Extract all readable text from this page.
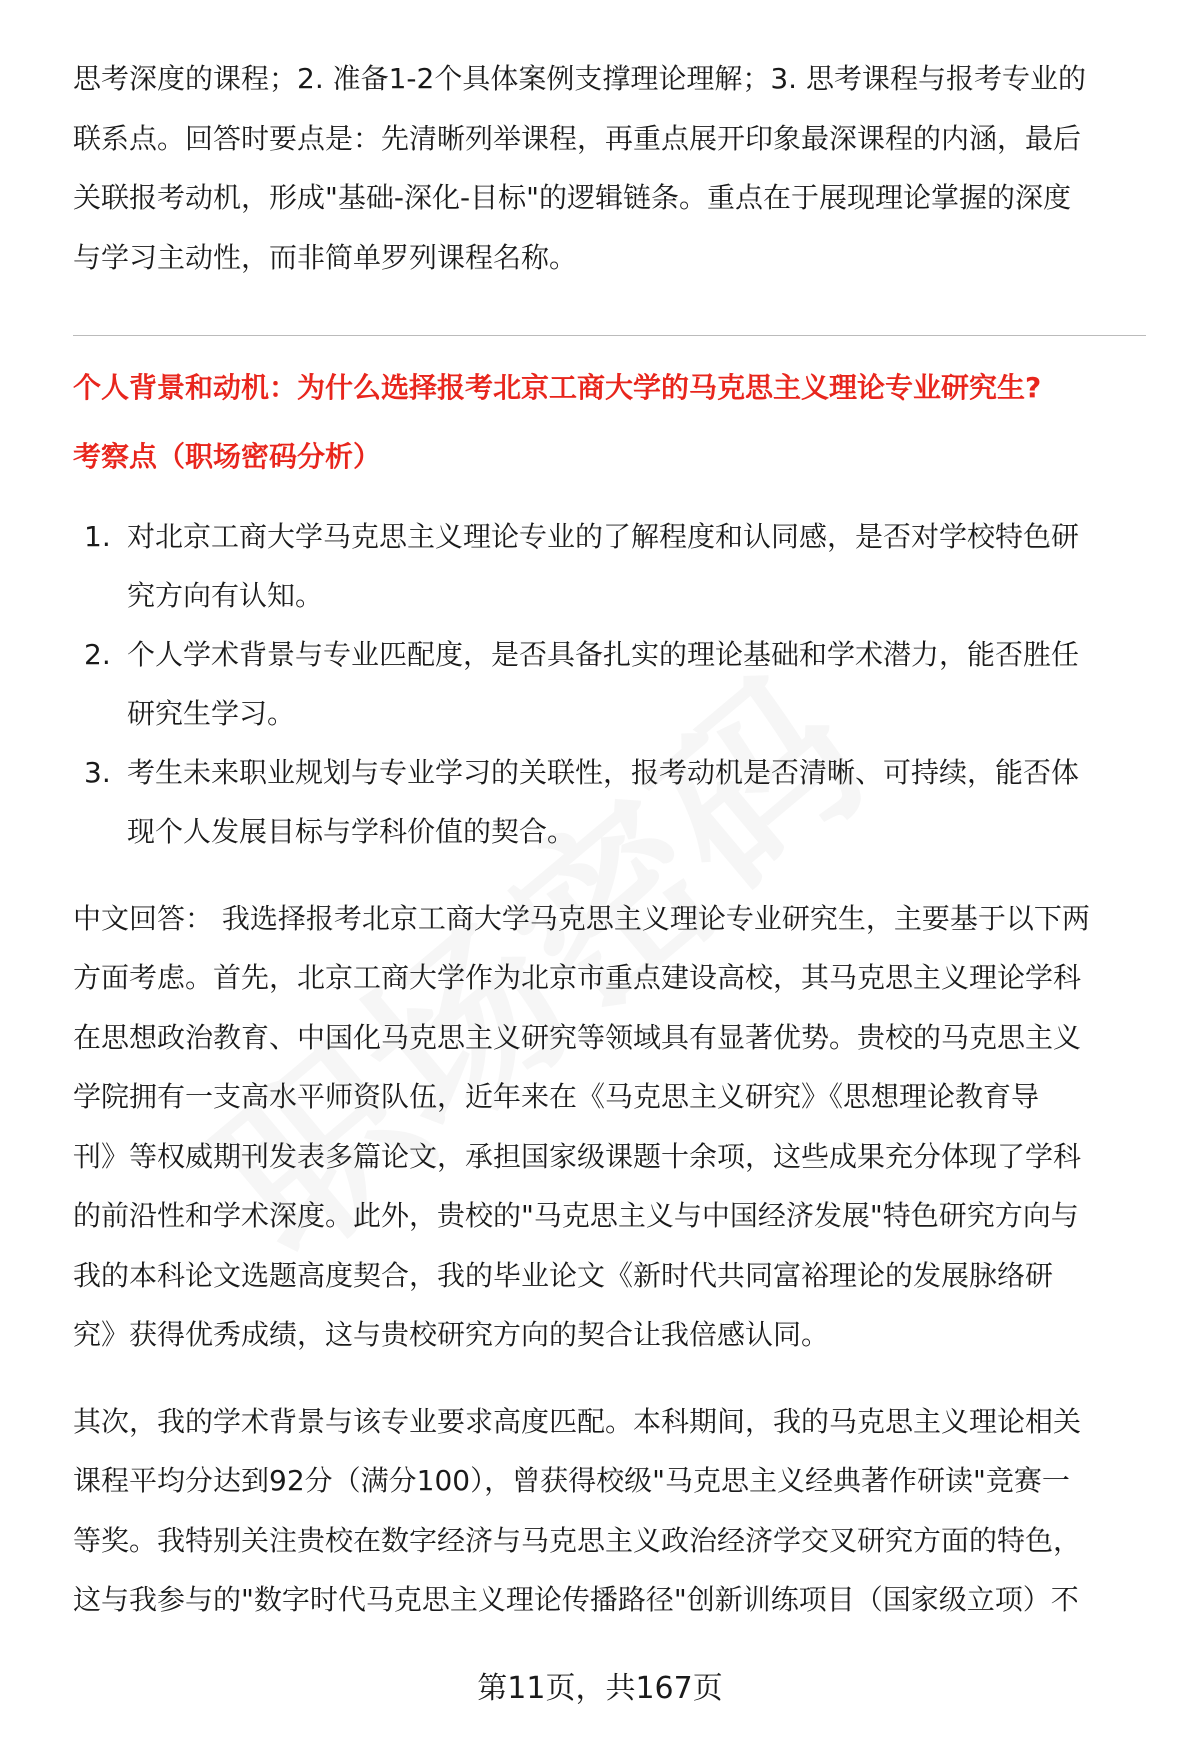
思考深度的课程；2. 准备1-2个具体案例支撑理论理解；3. 思考课程与报考专业的
联系点。回答时要点是：先清晰列举课程，再重点展开印象最深课程的内涵，最后
关联报考动机，形成"基础-深化-目标"的逻辑链条。重点在于展现理论掌握的深度
与学习主动性，而非简单罗列课程名称。
个人背景和动机：为什么选择报考北京工商大学的马克思主义理论专业研究生?
考察点（职场密码分析）
1. 对北京工商大学马克思主义理论专业的了解程度和认同感，是否对学校特色研
究方向有认知。
2. 个人学术背景与专业匹配度，是否具备扎实的理论基础和学术潜力，能否胜任
研究生学习。
3. 考生未来职业规划与专业学习的关联性，报考动机是否清晰、可持续，能否体
现个人发展目标与学科价值的契合。
中文回答： 我选择报考北京工商大学马克思主义理论专业研究生，主要基于以下两
方面考虑。首先，北京工商大学作为北京市重点建设高校，其马克思主义理论学科
在思想政治教育、中国化马克思主义研究等领域具有显著优势。贵校的马克思主义
学院拥有一支高水平师资队伍，近年来在《马克思主义研究》《思想理论教育导
刊》等权威期刊发表多篇论文，承担国家级课题十余项，这些成果充分体现了学科
的前沿性和学术深度。此外，贵校的"马克思主义与中国经济发展"特色研究方向与
我的本科论文选题高度契合，我的毕业论文《新时代共同富裕理论的发展脉络研
究》获得优秀成绩，这与贵校研究方向的契合让我倍感认同。
其次，我的学术背景与该专业要求高度匹配。本科期间，我的马克思主义理论相关
课程平均分达到92分（满分100），曾获得校级"马克思主义经典著作研读"竞赛一
等奖。我特别关注贵校在数字经济与马克思主义政治经济学交叉研究方面的特色，
这与我参与的"数字时代马克思主义理论传播路径"创新训练项目（国家级立项）不
第11页，共167页
